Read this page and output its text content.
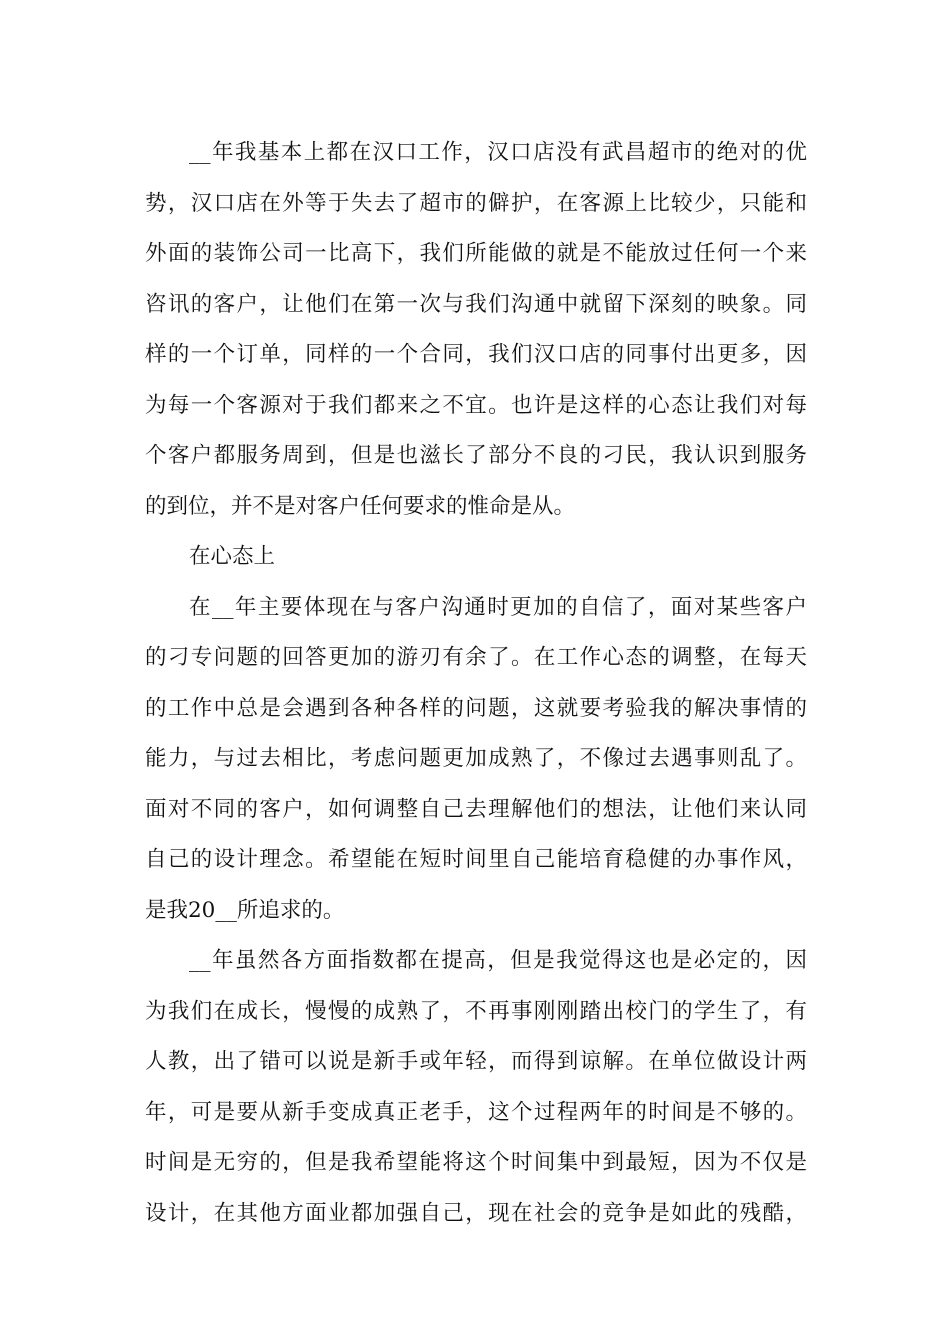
__年我基本上都在汉口工作，汉口店没有武昌超市的绝对的优
势，汉口店在外等于失去了超市的僻护，在客源上比较少，只能和
外面的装饰公司一比高下，我们所能做的就是不能放过任何一个来
咨讯的客户，让他们在第一次与我们沟通中就留下深刻的映象。同
样的一个订单，同样的一个合同，我们汉口店的同事付出更多，因
为每一个客源对于我们都来之不宜。也许是这样的心态让我们对每
个客户都服务周到，但是也滋长了部分不良的刁民，我认识到服务
的到位，并不是对客户任何要求的惟命是从。
在心态上
在__年主要体现在与客户沟通时更加的自信了，面对某些客户
的刁专问题的回答更加的游刃有余了。在工作心态的调整，在每天
的工作中总是会遇到各种各样的问题，这就要考验我的解决事情的
能力，与过去相比，考虑问题更加成熟了，不像过去遇事则乱了。
面对不同的客户，如何调整自己去理解他们的想法，让他们来认同
自己的设计理念。希望能在短时间里自己能培育稳健的办事作风，
是我20__所追求的。
__年虽然各方面指数都在提高，但是我觉得这也是必定的，因
为我们在成长，慢慢的成熟了，不再事刚刚踏出校门的学生了，有
人教，出了错可以说是新手或年轻，而得到谅解。在单位做设计两
年，可是要从新手变成真正老手，这个过程两年的时间是不够的。
时间是无穷的，但是我希望能将这个时间集中到最短，因为不仅是
设计，在其他方面业都加强自己，现在社会的竞争是如此的残酷，
